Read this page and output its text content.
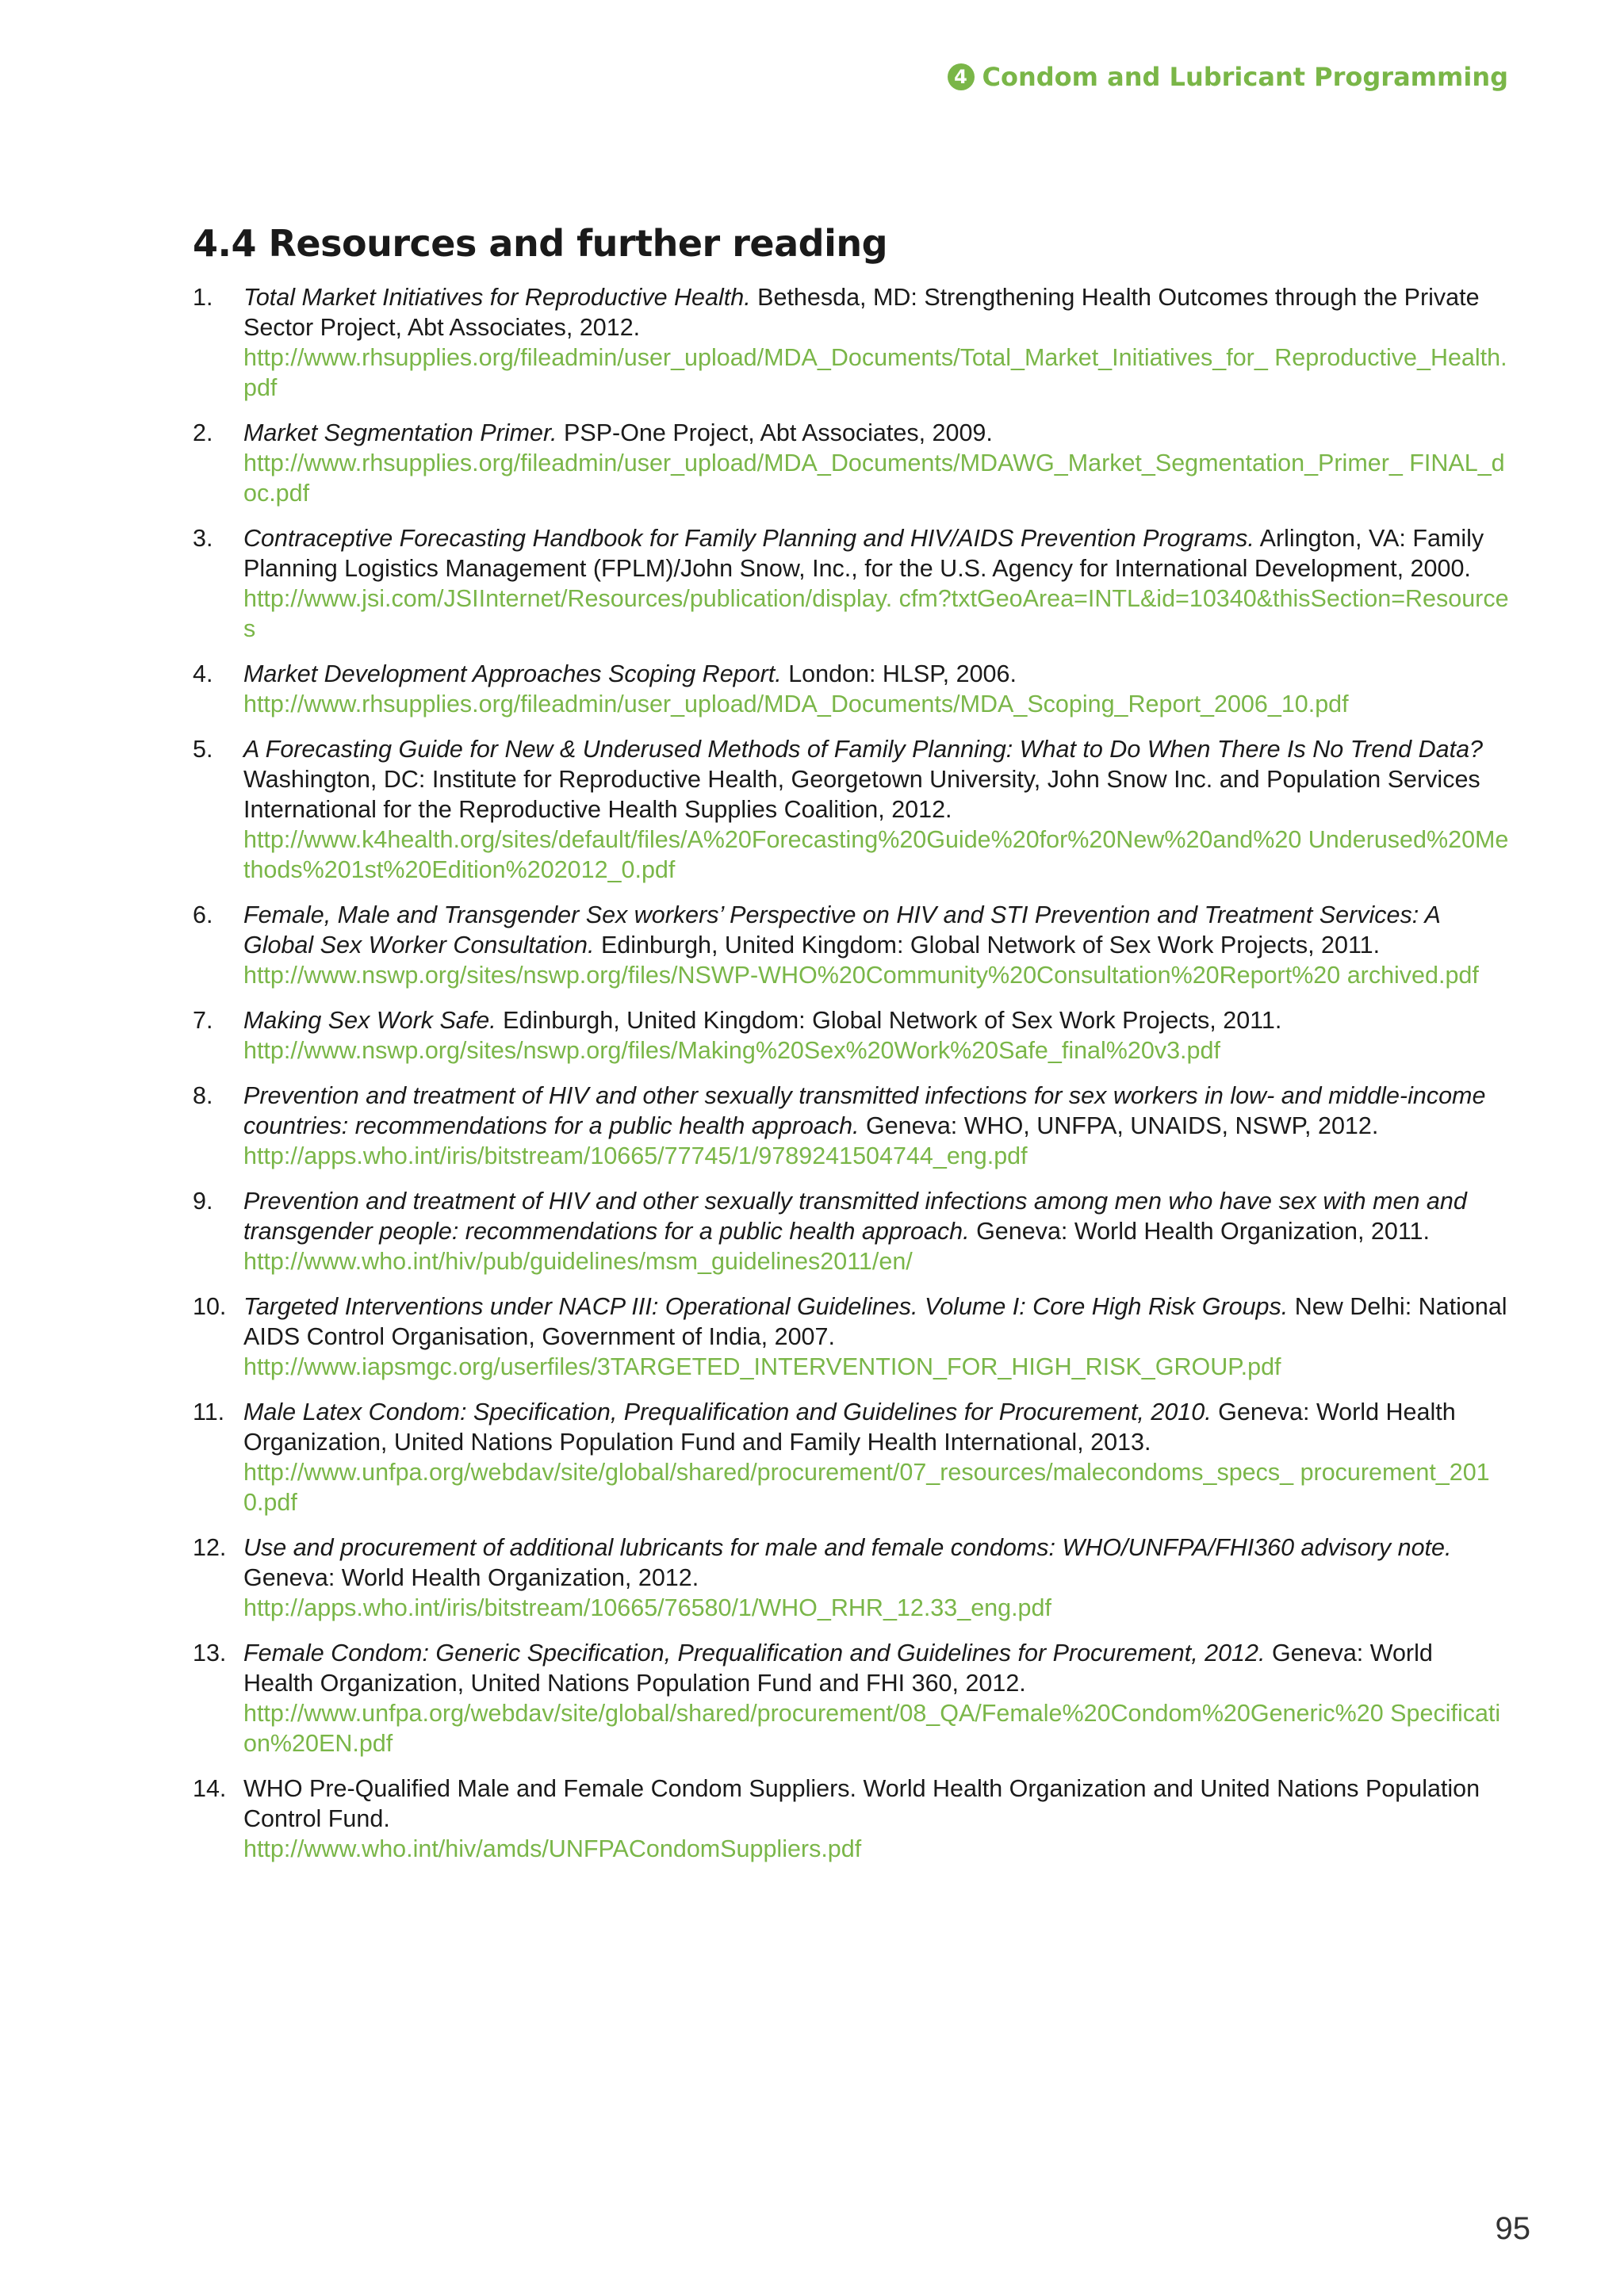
4 Condom and Lubricant Programming
4.4 Resources and further reading
1.	Total Market Initiatives for Reproductive Health. Bethesda, MD: Strengthening Health Outcomes through the Private Sector Project, Abt Associates, 2012.
http://www.rhsupplies.org/fileadmin/user_upload/MDA_Documents/Total_Market_Initiatives_for_ Reproductive_Health.pdf
2.	Market Segmentation Primer. PSP-One Project, Abt Associates, 2009.
http://www.rhsupplies.org/fileadmin/user_upload/MDA_Documents/MDAWG_Market_Segmentation_Primer_ FINAL_doc.pdf
3.	Contraceptive Forecasting Handbook for Family Planning and HIV/AIDS Prevention Programs. Arlington, VA: Family Planning Logistics Management (FPLM)/John Snow, Inc., for the U.S. Agency for International Development, 2000.
http://www.jsi.com/JSIInternet/Resources/publication/display. cfm?txtGeoArea=INTL&id=10340&thisSection=Resources
4.	Market Development Approaches Scoping Report. London: HLSP, 2006.
http://www.rhsupplies.org/fileadmin/user_upload/MDA_Documents/MDA_Scoping_Report_2006_10.pdf
5.	A Forecasting Guide for New & Underused Methods of Family Planning: What to Do When There Is No Trend Data? Washington, DC: Institute for Reproductive Health, Georgetown University, John Snow Inc. and Population Services International for the Reproductive Health Supplies Coalition, 2012.
http://www.k4health.org/sites/default/files/A%20Forecasting%20Guide%20for%20New%20and%20 Underused%20Methods%201st%20Edition%202012_0.pdf
6.	Female, Male and Transgender Sex workers’ Perspective on HIV and STI Prevention and Treatment Services: A Global Sex Worker Consultation. Edinburgh, United Kingdom: Global Network of Sex Work Projects, 2011.
http://www.nswp.org/sites/nswp.org/files/NSWP-WHO%20Community%20Consultation%20Report%20 archived.pdf
7.	Making Sex Work Safe. Edinburgh, United Kingdom: Global Network of Sex Work Projects, 2011.
http://www.nswp.org/sites/nswp.org/files/Making%20Sex%20Work%20Safe_final%20v3.pdf
8.	Prevention and treatment of HIV and other sexually transmitted infections for sex workers in low- and middle-income countries: recommendations for a public health approach. Geneva: WHO, UNFPA, UNAIDS, NSWP, 2012.
http://apps.who.int/iris/bitstream/10665/77745/1/9789241504744_eng.pdf
9.	Prevention and treatment of HIV and other sexually transmitted infections among men who have sex with men and transgender people: recommendations for a public health approach. Geneva: World Health Organization, 2011.
http://www.who.int/hiv/pub/guidelines/msm_guidelines2011/en/
10. Targeted Interventions under NACP III: Operational Guidelines. Volume I: Core High Risk Groups. New Delhi: National AIDS Control Organisation, Government of India, 2007.
http://www.iapsmgc.org/userfiles/3TARGETED_INTERVENTION_FOR_HIGH_RISK_GROUP.pdf
11. Male Latex Condom: Specification, Prequalification and Guidelines for Procurement, 2010. Geneva: World Health Organization, United Nations Population Fund and Family Health International, 2013.
http://www.unfpa.org/webdav/site/global/shared/procurement/07_resources/malecondoms_specs_ procurement_2010.pdf
12. Use and procurement of additional lubricants for male and female condoms: WHO/UNFPA/FHI360 advisory note. Geneva: World Health Organization, 2012.
http://apps.who.int/iris/bitstream/10665/76580/1/WHO_RHR_12.33_eng.pdf
13. Female Condom: Generic Specification, Prequalification and Guidelines for Procurement, 2012. Geneva: World Health Organization, United Nations Population Fund and FHI 360, 2012.
http://www.unfpa.org/webdav/site/global/shared/procurement/08_QA/Female%20Condom%20Generic%20 Specification%20EN.pdf
14. WHO Pre-Qualified Male and Female Condom Suppliers. World Health Organization and United Nations Population Control Fund.
http://www.who.int/hiv/amds/UNFPACondomSuppliers.pdf
95
